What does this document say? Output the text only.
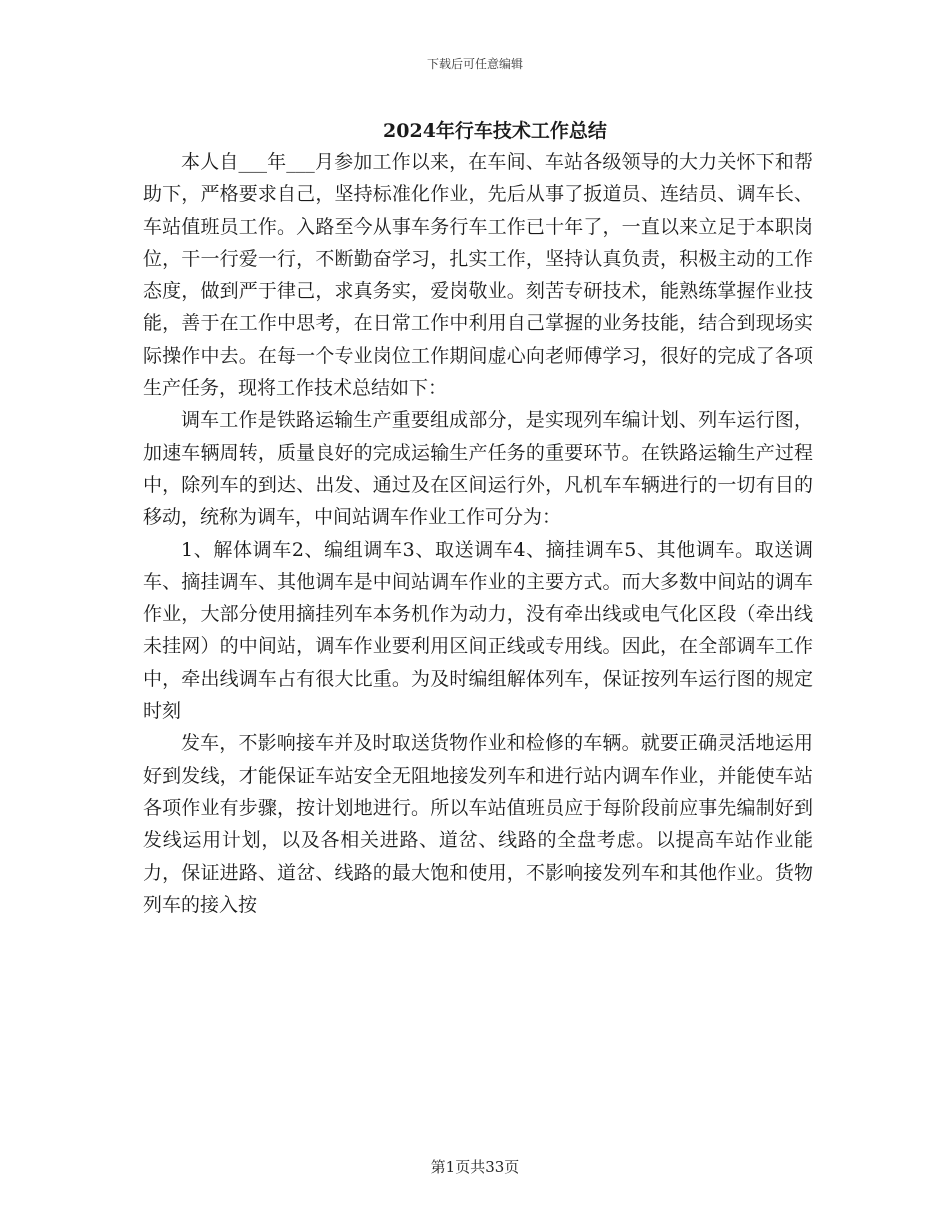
下载后可任意编辑
2024年行车技术工作总结

本人自___年___月参加工作以来，在车间、车站各级领导的大力关怀下和帮助下，严格要求自己，坚持标准化作业，先后从事了扳道员、连结员、调车长、车站值班员工作。入路至今从事车务行车工作已十年了，一直以来立足于本职岗位，干一行爱一行，不断勤奋学习，扎实工作，坚持认真负责，积极主动的工作态度，做到严于律己，求真务实，爱岗敬业。刻苦专研技术，能熟练掌握作业技能，善于在工作中思考，在日常工作中利用自己掌握的业务技能，结合到现场实际操作中去。在每一个专业岗位工作期间虚心向老师傅学习，很好的完成了各项生产任务，现将工作技术总结如下：

调车工作是铁路运输生产重要组成部分，是实现列车编计划、列车运行图，加速车辆周转，质量良好的完成运输生产任务的重要环节。在铁路运输生产过程中，除列车的到达、出发、通过及在区间运行外，凡机车车辆进行的一切有目的移动，统称为调车，中间站调车作业工作可分为：

1、解体调车2、编组调车3、取送调车4、摘挂调车5、其他调车。取送调车、摘挂调车、其他调车是中间站调车作业的主要方式。而大多数中间站的调车作业，大部分使用摘挂列车本务机作为动力，没有牵出线或电气化区段（牵出线未挂网）的中间站，调车作业要利用区间正线或专用线。因此，在全部调车工作中，牵出线调车占有很大比重。为及时编组解体列车，保证按列车运行图的规定时刻

发车，不影响接车并及时取送货物作业和检修的车辆。就要正确灵活地运用好到发线，才能保证车站安全无阻地接发列车和进行站内调车作业，并能使车站各项作业有步骤，按计划地进行。所以车站值班员应于每阶段前应事先编制好到发线运用计划，以及各相关进路、道岔、线路的全盘考虑。以提高车站作业能力，保证进路、道岔、线路的最大饱和使用，不影响接发列车和其他作业。货物列车的接入按

第1页共33页
